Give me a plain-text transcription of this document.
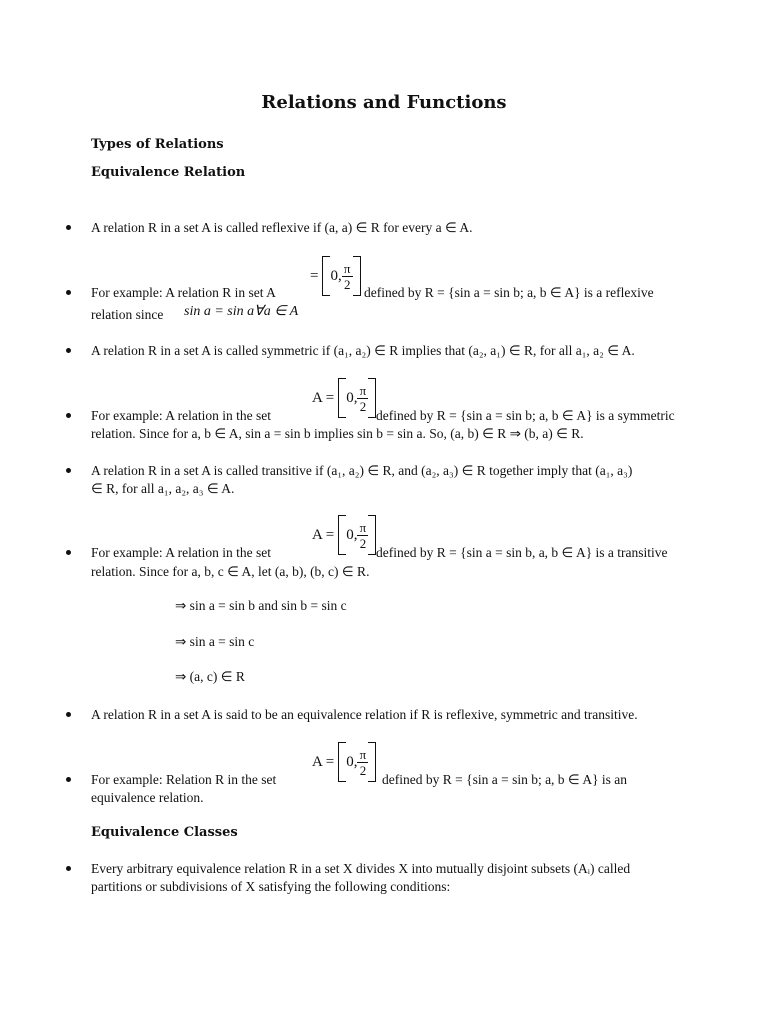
Relations and Functions

Types of Relations

Equivalence Relation

A relation R in a set A is called reflexive if (a, a) ∈ R for every a ∈ A.

= 0, $\frac{\pi}{2}$

For example: A relation R in set A	defined by R = {sin a = sin b; a, b ∈ A} is a reflexive

relation since sin a = sin a∀a ∈ A

A relation R in a set A is called symmetric if (a₁, a₂) ∈ R implies that (a₂, a₁) ∈ R, for all a₁, a₂ ∈ A.

A = 0, $\frac{\pi}{2}$

For example: A relation in the set	defined by R = {sin a = sin b; a, b ∈ A} is a symmetric

relation. Since for a, b ∈ A, sin a = sin b implies sin b = sin a. So, (a, b) ∈ R ⇒ (b, a) ∈ R.

A relation R in a set A is called transitive if (a₁, a₂) ∈ R, and (a₂, a₃) ∈ R together imply that (a₁, a₃)

∈ R, for all a₁, a₂, a₃ ∈ A.

A = 0, $\frac{\pi}{2}$

For example: A relation in the set	defined by R = {sin a = sin b, a, b ∈ A} is a transitive

relation. Since for a, b, c ∈ A, let (a, b), (b, c) ∈ R.

⇒ sin a = sin b and sin b = sin c

⇒ sin a = sin c

⇒ (a, c) ∈ R

A relation R in a set A is said to be an equivalence relation if R is reflexive, symmetric and transitive.

A = 0, $\frac{\pi}{2}$

For example: Relation R in the set	defined by R = {sin a = sin b; a, b ∈ A} is an

equivalence relation.

Equivalence Classes

Every arbitrary equivalence relation R in a set X divides X into mutually disjoint subsets (Aᵢ) called

partitions or subdivisions of X satisfying the following conditions:
